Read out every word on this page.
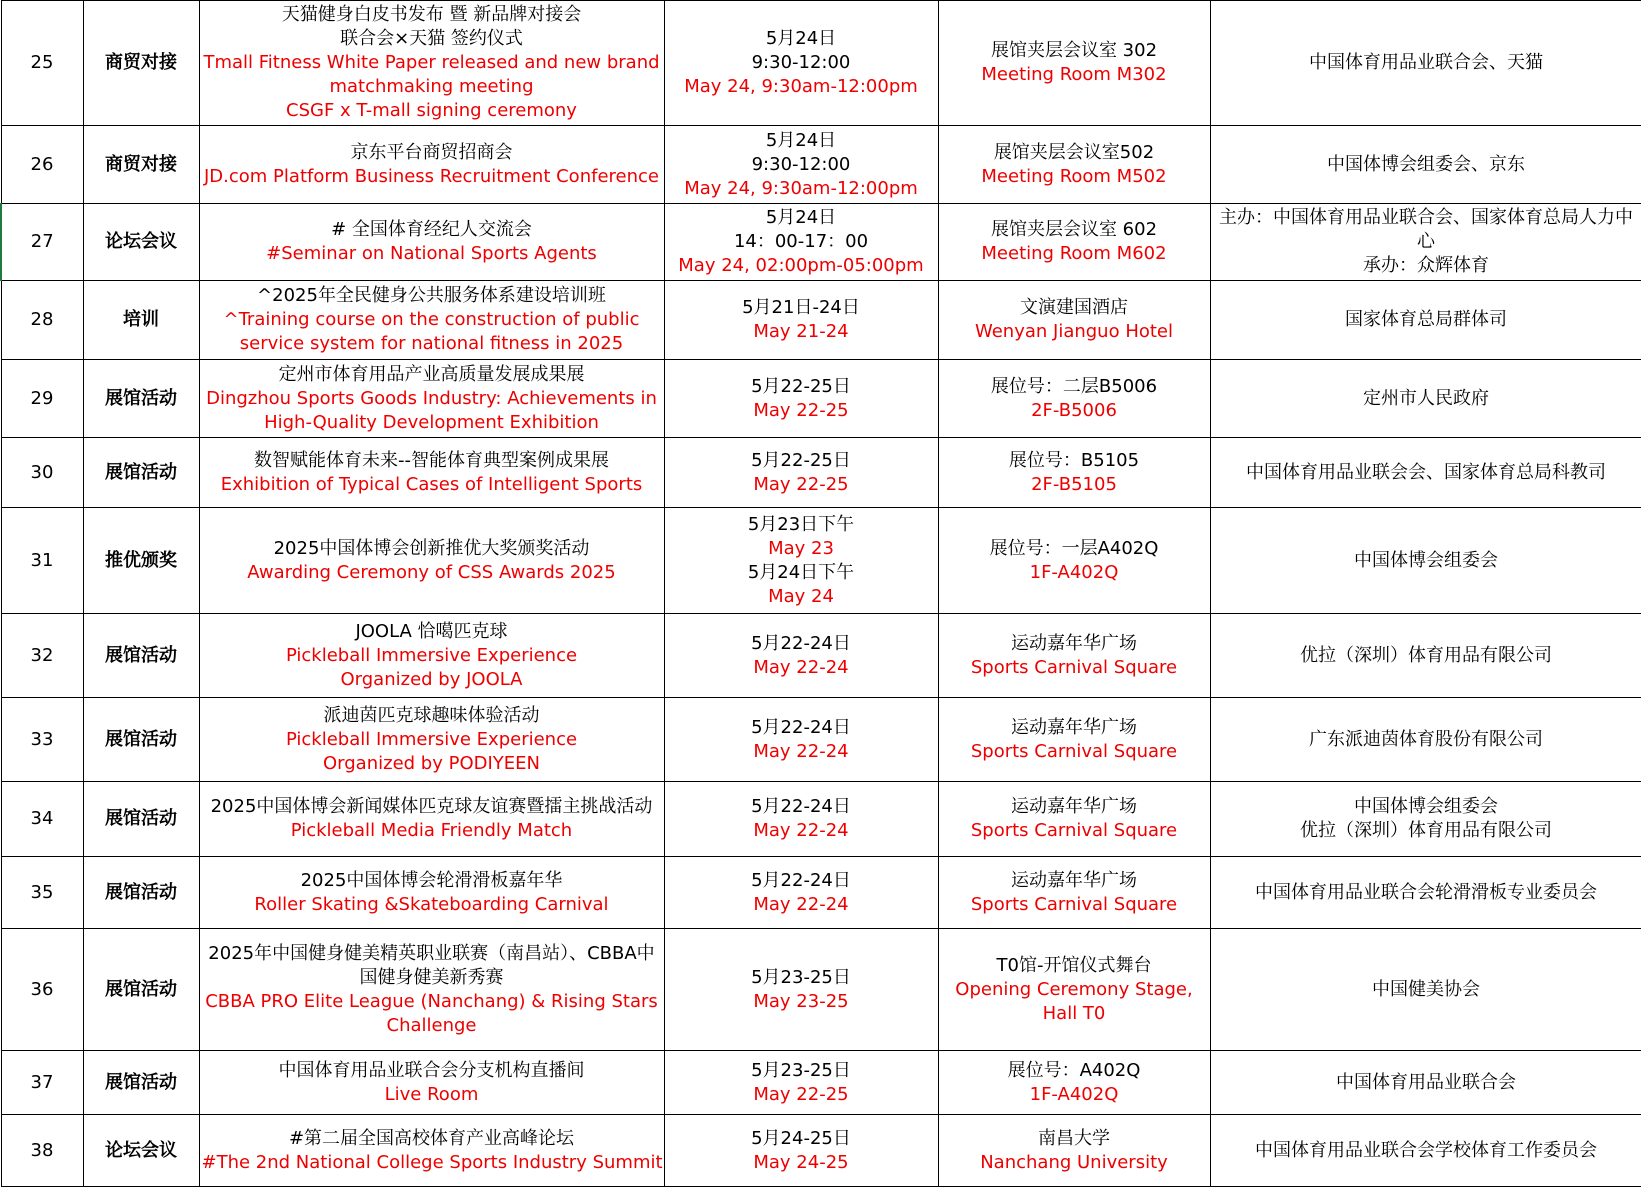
25	商贸对接	天猫健身白皮书发布 暨 新品牌对接会
联合会×天猫 签约仪式
Tmall Fitness White Paper released and new brand
matchmaking meeting
CSGF x T-mall signing ceremony	5月24日
9:30-12:00
May 24, 9:30am-12:00pm	展馆夹层会议室 302
Meeting Room M302	中国体育用品业联合会、天猫

26	商贸对接	京东平台商贸招商会
JD.com Platform Business Recruitment Conference	5月24日
9:30-12:00
May 24, 9:30am-12:00pm	展馆夹层会议室502
Meeting Room M502	中国体博会组委会、京东

27	论坛会议	# 全国体育经纪人交流会
#Seminar on National Sports Agents	5月24日
14：00-17：00
May 24, 02:00pm-05:00pm	展馆夹层会议室 602
Meeting Room M602	主办：中国体育用品业联合会、国家体育总局人力中心
承办：众辉体育

28	培训	^2025年全民健身公共服务体系建设培训班
^Training course on the construction of public
service system for national fitness in 2025	5月21日-24日
May 21-24	文演建国酒店
Wenyan Jianguo Hotel	国家体育总局群体司

29	展馆活动	定州市体育用品产业高质量发展成果展
Dingzhou Sports Goods Industry: Achievements in
High-Quality Development Exhibition	5月22-25日
May 22-25	展位号：二层B5006
2F-B5006	定州市人民政府

30	展馆活动	数智赋能体育未来--智能体育典型案例成果展
Exhibition of Typical Cases of Intelligent Sports	5月22-25日
May 22-25	展位号：B5105
2F-B5105	中国体育用品业联会会、国家体育总局科教司

31	推优颁奖	2025中国体博会创新推优大奖颁奖活动
Awarding Ceremony of CSS Awards 2025	5月23日下午
May 23
5月24日下午
May 24	展位号：一层A402Q
1F-A402Q	中国体博会组委会

32	展馆活动	JOOLA 恰噶匹克球
Pickleball Immersive Experience
Organized by JOOLA	5月22-24日
May 22-24	运动嘉年华广场
Sports Carnival Square	优拉（深圳）体育用品有限公司

33	展馆活动	派迪茵匹克球趣味体验活动
Pickleball Immersive Experience
Organized by PODIYEEN	5月22-24日
May 22-24	运动嘉年华广场
Sports Carnival Square	广东派迪茵体育股份有限公司

34	展馆活动	2025中国体博会新闻媒体匹克球友谊赛暨擂主挑战活动
Pickleball Media Friendly Match	5月22-24日
May 22-24	运动嘉年华广场
Sports Carnival Square	中国体博会组委会
优拉（深圳）体育用品有限公司

35	展馆活动	2025中国体博会轮滑滑板嘉年华
Roller Skating &Skateboarding Carnival	5月22-24日
May 22-24	运动嘉年华广场
Sports Carnival Square	中国体育用品业联合会轮滑滑板专业委员会

36	展馆活动	2025年中国健身健美精英职业联赛（南昌站）、CBBA中
国健身健美新秀赛
CBBA PRO Elite League (Nanchang) & Rising Stars
Challenge	5月23-25日
May 23-25	T0馆-开馆仪式舞台
Opening Ceremony Stage,
Hall T0	中国健美协会

37	展馆活动	中国体育用品业联合会分支机构直播间
Live Room	5月23-25日
May 22-25	展位号：A402Q
1F-A402Q	中国体育用品业联合会

38	论坛会议	#第二届全国高校体育产业高峰论坛
#The 2nd National College Sports Industry Summit	5月24-25日
May 24-25	南昌大学
Nanchang University	中国体育用品业联合会学校体育工作委员会
